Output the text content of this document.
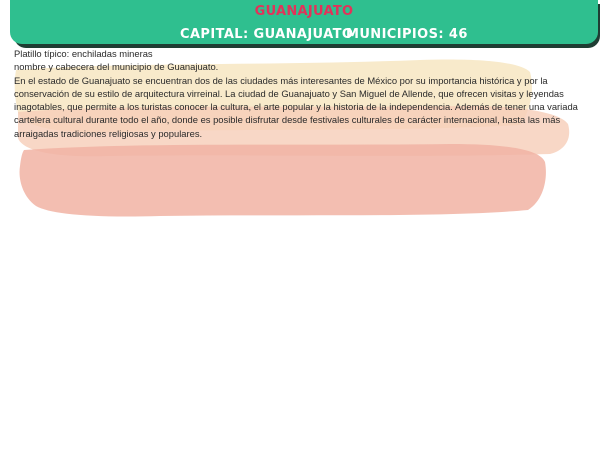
GUANAJUATO
CAPITAL: GUANAJUATO
MUNICIPIOS: 46

Platillo típico: enchiladas mineras

nombre y cabecera del municipio de Guanajuato.

En el estado de Guanajuato se encuentran dos de las ciudades más interesantes de México por su importancia histórica y por la conservación de su estilo de arquitectura virreinal. La ciudad de Guanajuato y San Miguel de Allende, que ofrecen visitas y leyendas inagotables, que permite a los turistas conocer la cultura, el arte popular y la historia de la independencia. Además de tener una variada cartelera cultural durante todo el año, donde es posible disfrutar desde festivales culturales de carácter internacional, hasta las más arraigadas tradiciones religiosas y populares.
